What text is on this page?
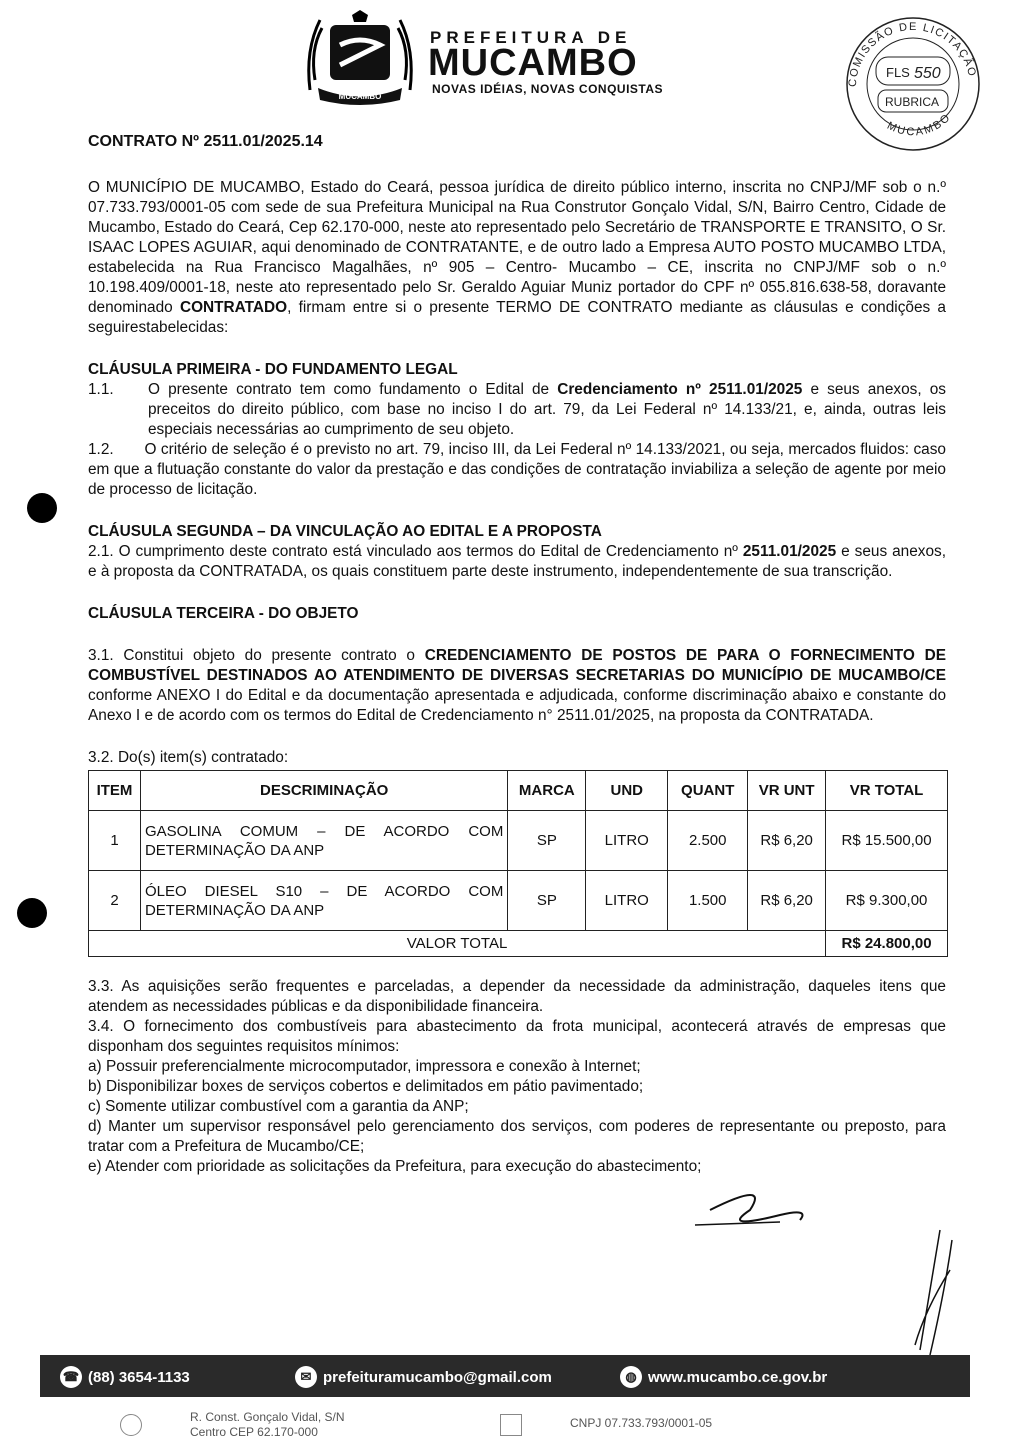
MUCAMBO
PREFEITURA DE
MUCAMBO
NOVAS IDÉIAS, NOVAS CONQUISTAS	COMISSÃO DE LICITAÇÃO
MUCAMBO
FLS 550
RUBRICA
CONTRATO Nº 2511.01/2025.14

O MUNICÍPIO DE MUCAMBO, Estado do Ceará, pessoa jurídica de direito público interno, inscrita no CNPJ/MF sob o n.º 07.733.793/0001-05 com sede de sua Prefeitura Municipal na Rua Construtor Gonçalo Vidal, S/N, Bairro Centro, Cidade de Mucambo, Estado do Ceará, Cep 62.170-000, neste ato representado pelo Secretário de TRANSPORTE E TRANSITO, O Sr. ISAAC LOPES AGUIAR, aqui denominado de CONTRATANTE, e de outro lado a Empresa AUTO POSTO MUCAMBO LTDA, estabelecida na Rua Francisco Magalhães, nº 905 – Centro- Mucambo – CE, inscrita no CNPJ/MF sob o n.º 10.198.409/0001-18, neste ato representado pelo Sr. Geraldo Aguiar Muniz portador do CPF nº 055.816.638-58, doravante denominado CONTRATADO, firmam entre si o presente TERMO DE CONTRATO mediante as cláusulas e condições a seguirestabelecidas:

CLÁUSULA PRIMEIRA - DO FUNDAMENTO LEGAL
1.1.	O presente contrato tem como fundamento o Edital de Credenciamento nº 2511.01/2025 e seus anexos, os preceitos do direito público, com base no inciso I do art. 79, da Lei Federal nº 14.133/21, e, ainda, outras leis especiais necessárias ao cumprimento de seu objeto.

1.2. O critério de seleção é o previsto no art. 79, inciso III, da Lei Federal nº 14.133/2021, ou seja, mercados fluidos: caso em que a flutuação constante do valor da prestação e das condições de contratação inviabiliza a seleção de agente por meio de processo de licitação.

CLÁUSULA SEGUNDA – DA VINCULAÇÃO AO EDITAL E A PROPOSTA

2.1. O cumprimento deste contrato está vinculado aos termos do Edital de Credenciamento nº 2511.01/2025 e seus anexos, e à proposta da CONTRATADA, os quais constituem parte deste instrumento, independentemente de sua transcrição.

CLÁUSULA TERCEIRA - DO OBJETO

3.1. Constitui objeto do presente contrato o CREDENCIAMENTO DE POSTOS DE PARA O FORNECIMENTO DE COMBUSTÍVEL DESTINADOS AO ATENDIMENTO DE DIVERSAS SECRETARIAS DO MUNICÍPIO DE MUCAMBO/CE conforme ANEXO I do Edital e da documentação apresentada e adjudicada, conforme discriminação abaixo e constante do Anexo I e de acordo com os termos do Edital de Credenciamento n° 2511.01/2025, na proposta da CONTRATADA.

3.2. Do(s) item(s) contratado:
ITEM	DESCRIMINAÇÃO	MARCA	UND	QUANT	VR UNT	VR TOTAL
1	GASOLINA COMUM – DE ACORDO COM DETERMINAÇÃO DA ANP	SP	LITRO	2.500	R$ 6,20	R$ 15.500,00
2	ÓLEO DIESEL S10 – DE ACORDO COM DETERMINAÇÃO DA ANP	SP	LITRO	1.500	R$ 6,20	R$ 9.300,00
VALOR TOTAL						R$ 24.800,00

3.3. As aquisições serão frequentes e parceladas, a depender da necessidade da administração, daqueles itens que atendem as necessidades públicas e da disponibilidade financeira.

3.4. O fornecimento dos combustíveis para abastecimento da frota municipal, acontecerá através de empresas que disponham dos seguintes requisitos mínimos:

a) Possuir preferencialmente microcomputador, impressora e conexão à Internet;

b) Disponibilizar boxes de serviços cobertos e delimitados em pátio pavimentado;

c) Somente utilizar combustível com a garantia da ANP;

d) Manter um supervisor responsável pelo gerenciamento dos serviços, com poderes de representante ou preposto, para tratar com a Prefeitura de Mucambo/CE;

e) Atender com prioridade as solicitações da Prefeitura, para execução do abastecimento;

☎ (88) 3654-1133	✉ prefeituramucambo@gmail.com	◍ www.mucambo.ce.gov.br
R. Const. Gonçalo Vidal, S/N
Centro CEP 62.170-000
CNPJ 07.733.793/0001-05
